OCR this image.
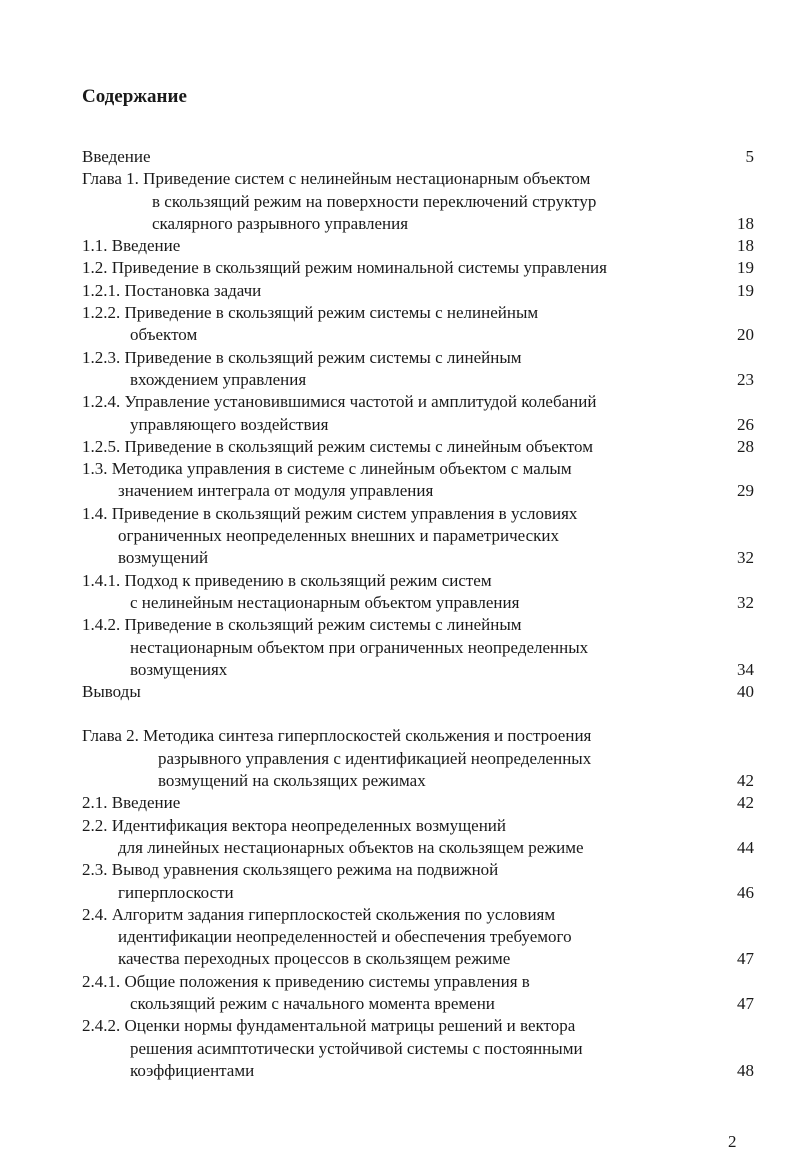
Содержание
Введение	5
Глава 1. Приведение систем с нелинейным нестационарным объектом
в скользящий режим на поверхности переключений структур
скалярного разрывного управления	18
1.1. Введение	18
1.2. Приведение в скользящий режим номинальной системы управления	19
1.2.1. Постановка задачи	19
1.2.2. Приведение в скользящий режим системы с нелинейным
объектом	20
1.2.3. Приведение в скользящий режим системы с линейным
вхождением управления	23
1.2.4. Управление установившимися частотой и амплитудой колебаний
управляющего воздействия	26
1.2.5. Приведение в скользящий режим системы с линейным объектом	28
1.3. Методика управления в системе с линейным объектом с малым
значением интеграла от модуля управления	29
1.4. Приведение в скользящий режим систем управления в условиях
ограниченных неопределенных внешних и параметрических
возмущений	32
1.4.1. Подход к приведению в скользящий режим систем
с нелинейным нестационарным объектом управления	32
1.4.2. Приведение в скользящий режим системы с линейным
нестационарным объектом при ограниченных неопределенных
возмущениях	34
Выводы	40
Глава 2. Методика синтеза гиперплоскостей скольжения и построения
разрывного управления с идентификацией неопределенных
возмущений на скользящих режимах	42
2.1. Введение	42
2.2. Идентификация вектора неопределенных возмущений
для линейных нестационарных объектов на скользящем режиме	44
2.3. Вывод уравнения скользящего режима на подвижной
гиперплоскости	46
2.4. Алгоритм задания гиперплоскостей скольжения по условиям
идентификации неопределенностей и обеспечения требуемого
качества переходных процессов в скользящем режиме	47
2.4.1. Общие положения к приведению системы управления в
скользящий режим с начального момента времени	47
2.4.2. Оценки нормы фундаментальной матрицы решений и вектора
решения асимптотически устойчивой системы с постоянными
коэффициентами	48
2
